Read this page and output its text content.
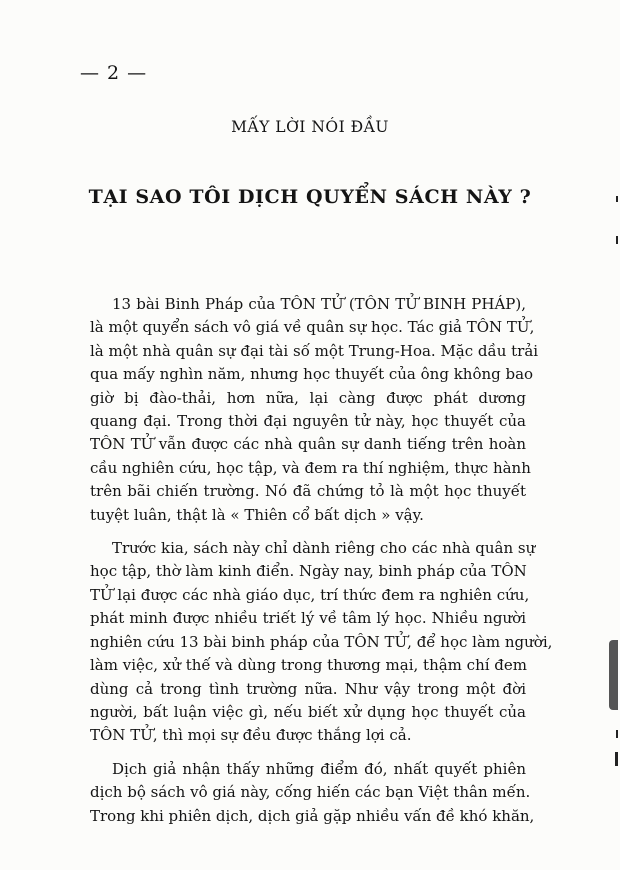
— 2 —
MẤY LỜI NÓI ĐẦU
TẠI SAO TÔI DỊCH QUYỂN SÁCH NÀY ?
13 bài Binh Pháp của TÔN TỬ (TÔN TỬ BINH PHÁP),
là một quyển sách vô giá về quân sự học. Tác giả TÔN TỬ,
là một nhà quân sự đại tài số một Trung-Hoa. Mặc dầu trải
qua mấy nghìn năm, nhưng học thuyết của ông không bao
giờ bị đào-thải, hơn nữa, lại càng được phát dương
quang đại. Trong thời đại nguyên tử này, học thuyết của
TÔN TỬ vẫn được các nhà quân sự danh tiếng trên hoàn
cầu nghiên cứu, học tập, và đem ra thí nghiệm, thực hành
trên bãi chiến trường. Nó đã chứng tỏ là một học thuyết
tuyệt luân, thật là « Thiên cổ bất dịch » vậy.
Trước kia, sách này chỉ dành riêng cho các nhà quân sự
học tập, thờ làm kinh điển. Ngày nay, binh pháp của TÔN
TỬ lại được các nhà giáo dục, trí thức đem ra nghiên cứu,
phát minh được nhiều triết lý về tâm lý học. Nhiều người
nghiên cứu 13 bài binh pháp của TÔN TỬ, để học làm người,
làm việc, xử thế và dùng trong thương mại, thậm chí đem
dùng cả trong tình trường nữa. Như vậy trong một đời
người, bất luận việc gì, nếu biết xử dụng học thuyết của
TÔN TỬ, thì mọi sự đều được thắng lợi cả.
Dịch giả nhận thấy những điểm đó, nhất quyết phiên
dịch bộ sách vô giá này, cống hiến các bạn Việt thân mến.
Trong khi phiên dịch, dịch giả gặp nhiều vấn đề khó khăn,
